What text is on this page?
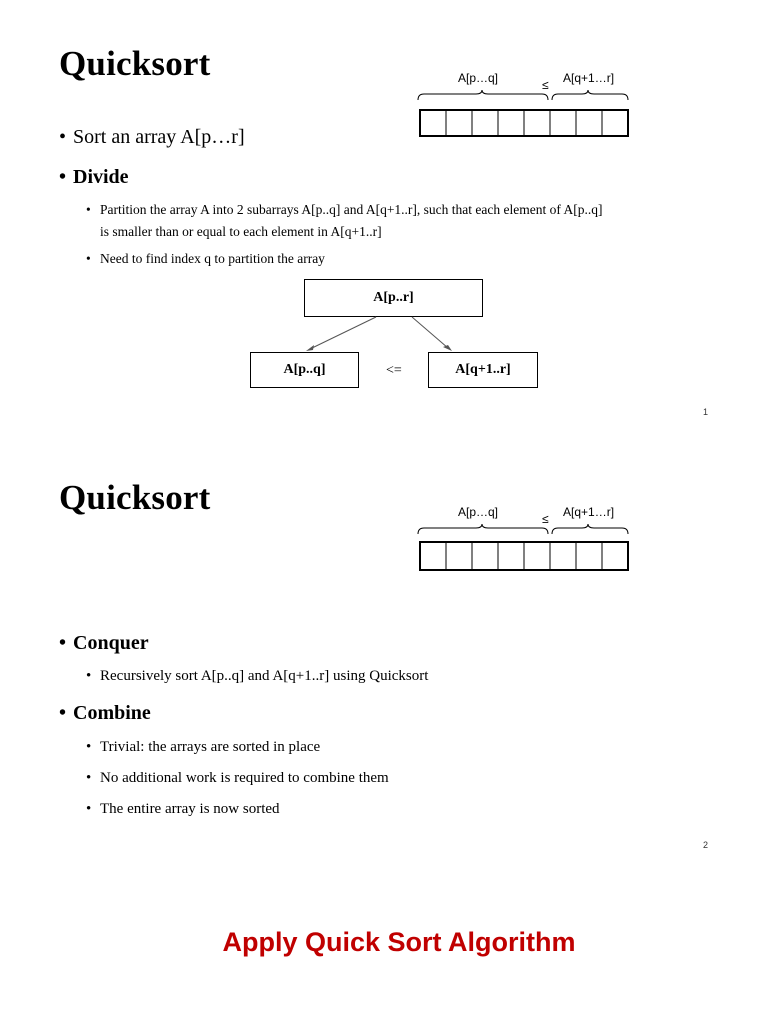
Quicksort	A[p…q]	≤ A[q+1…r]
• Sort an array A[p…r]
• Divide
• Partition the array A into 2 subarrays A[p..q] and A[q+1..r], such that each element of A[p..q]
is smaller than or equal to each element in A[q+1..r]
• Need to find index q to partition the array
A[p..r]
A[p..q]	<=	A[q+1..r]
1
Quicksort	A[p…q]	≤ A[q+1…r]
• Conquer
• Recursively sort A[p..q] and A[q+1..r] using Quicksort
• Combine
• Trivial: the arrays are sorted in place
• No additional work is required to combine them
• The entire array is now sorted
2
Apply Quick Sort Algorithm
